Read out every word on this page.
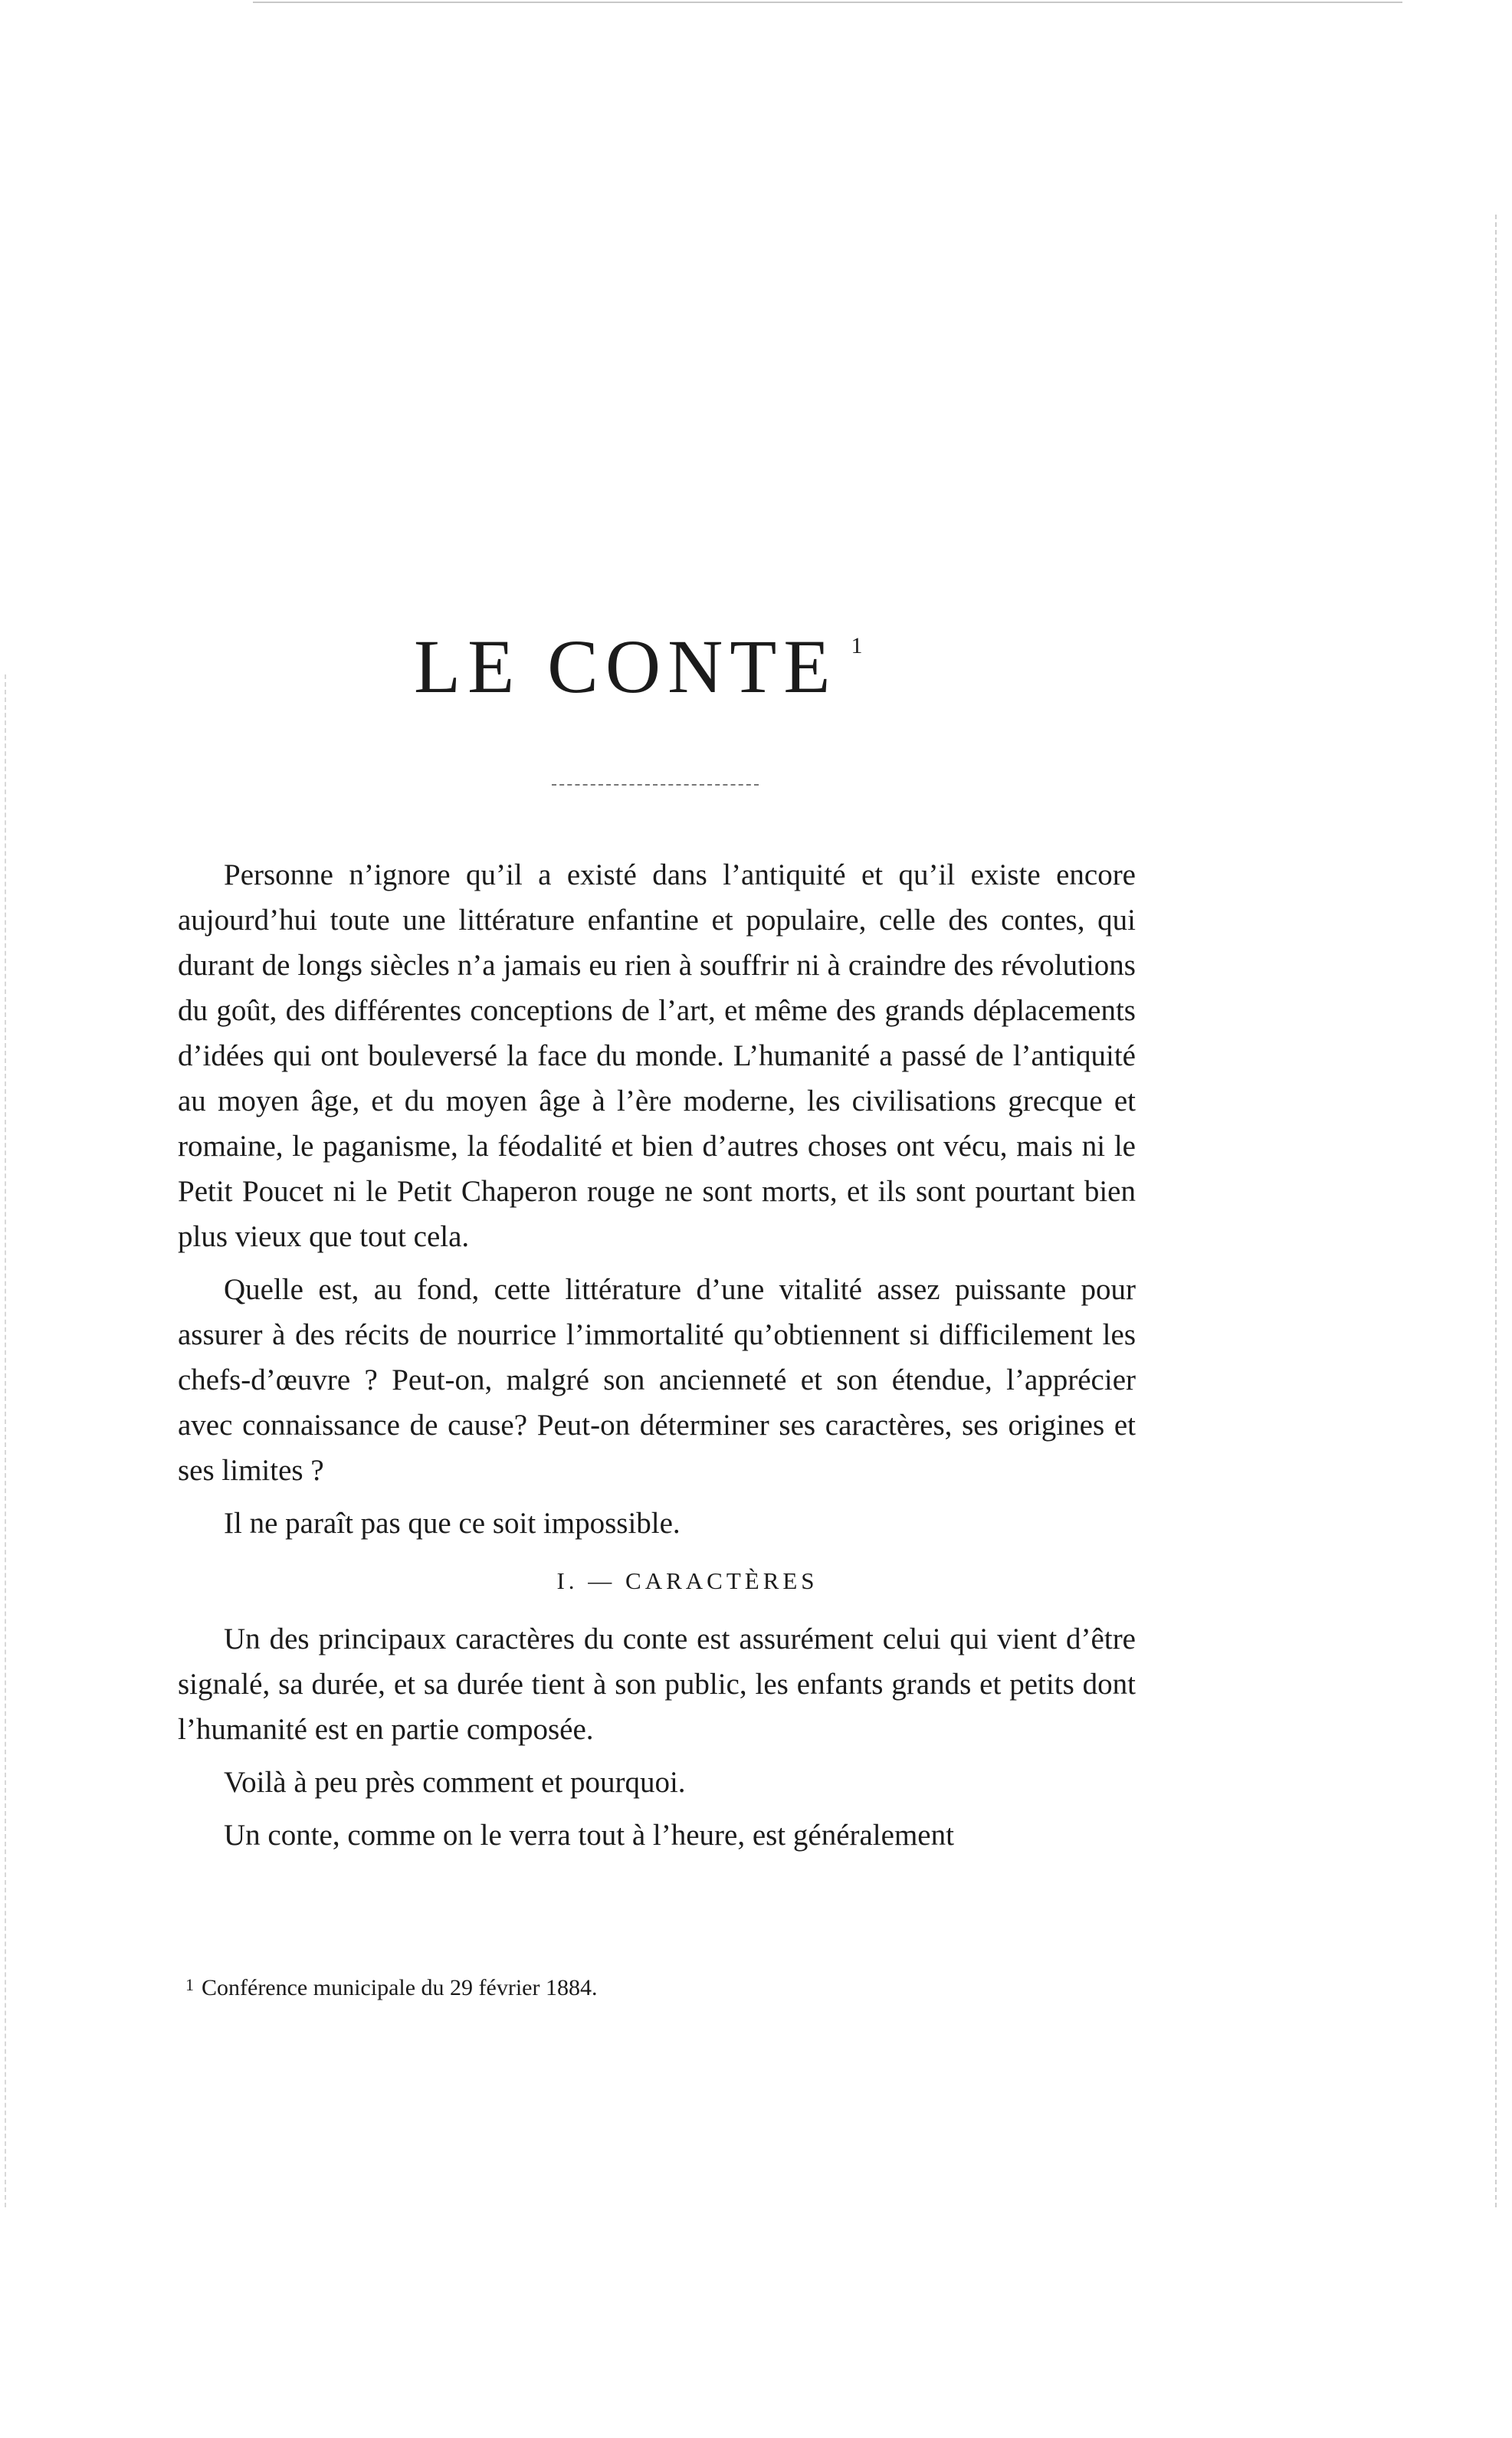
LE CONTE $^1$

Personne n’ignore qu’il a existé dans l’antiquité et qu’il existe encore aujourd’hui toute une littérature enfantine et populaire, celle des contes, qui durant de longs siècles n’a jamais eu rien à souffrir ni à craindre des révolutions du goût, des différentes conceptions de l’art, et même des grands déplacements d’idées qui ont bouleversé la face du monde. L’humanité a passé de l’antiquité au moyen âge, et du moyen âge à l’ère moderne, les civilisations grecque et romaine, le paganisme, la féodalité et bien d’autres choses ont vécu, mais ni le Petit Poucet ni le Petit Chaperon rouge ne sont morts, et ils sont pourtant bien plus vieux que tout cela.

Quelle est, au fond, cette littérature d’une vitalité assez puissante pour assurer à des récits de nourrice l’immortalité qu’obtiennent si difficilement les chefs-d’œuvre ? Peut-on, malgré son ancienneté et son étendue, l’apprécier avec connaissance de cause? Peut-on déterminer ses caractères, ses origines et ses limites ?

Il ne paraît pas que ce soit impossible.

I. — CARACTÈRES

Un des principaux caractères du conte est assurément celui qui vient d’être signalé, sa durée, et sa durée tient à son public, les enfants grands et petits dont l’humanité est en partie composée.

Voilà à peu près comment et pourquoi.

Un conte, comme on le verra tout à l’heure, est généralement

$^1$ Conférence municipale du 29 février 1884.
